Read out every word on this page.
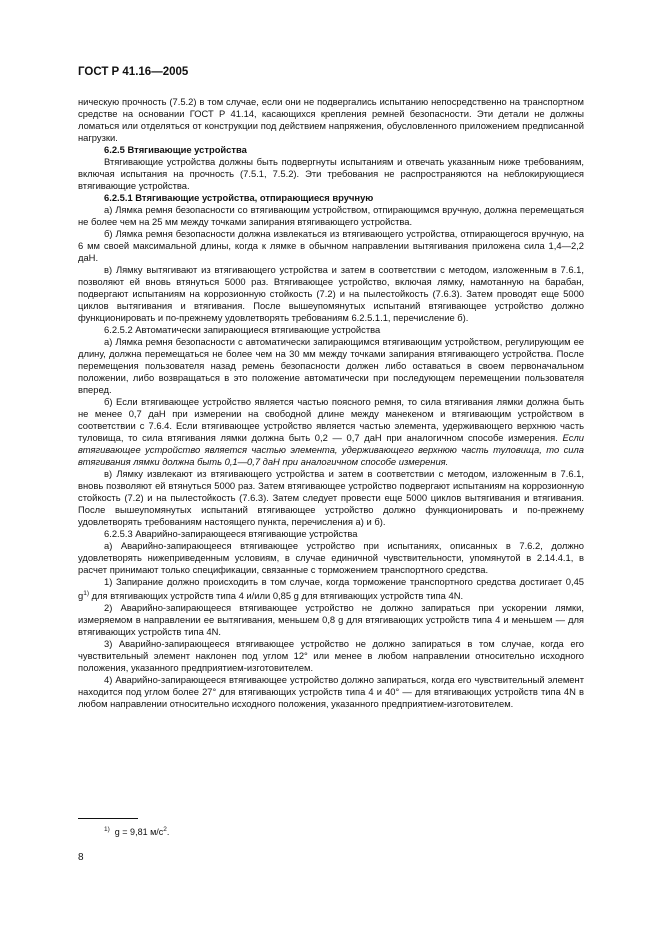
ГОСТ Р 41.16—2005

ническую прочность (7.5.2) в том случае, если они не подвергались испытанию непосредственно на транспортном средстве на основании ГОСТ Р 41.14, касающихся крепления ремней безопасности. Эти детали не должны ломаться или отделяться от конструкции под действием напряжения, обусловленного приложением предписанной нагрузки.

6.2.5 Втягивающие устройства

Втягивающие устройства должны быть подвергнуты испытаниям и отвечать указанным ниже требованиям, включая испытания на прочность (7.5.1, 7.5.2). Эти требования не распространяются на неблокирующиеся втягивающие устройства.

6.2.5.1 Втягивающие устройства, отпирающиеся вручную

а) Лямка ремня безопасности со втягивающим устройством, отпирающимся вручную, должна перемещаться не более чем на 25 мм между точками запирания втягивающего устройства.

б) Лямка ремня безопасности должна извлекаться из втягивающего устройства, отпирающегося вручную, на 6 мм своей максимальной длины, когда к лямке в обычном направлении вытягивания приложена сила 1,4—2,2 даН.

в) Лямку вытягивают из втягивающего устройства и затем в соответствии с методом, изложенным в 7.6.1, позволяют ей вновь втянуться 5000 раз. Втягивающее устройство, включая лямку, намотанную на барабан, подвергают испытаниям на коррозионную стойкость (7.2) и на пылестойкость (7.6.3). Затем проводят еще 5000 циклов вытягивания и втягивания. После вышеупомянутых испытаний втягивающее устройство должно функционировать и по-прежнему удовлетворять требованиям 6.2.5.1.1, перечисление б).

6.2.5.2 Автоматически запирающиеся втягивающие устройства

а) Лямка ремня безопасности с автоматически запирающимся втягивающим устройством, регулирующим ее длину, должна перемещаться не более чем на 30 мм между точками запирания втягивающего устройства. После перемещения пользователя назад ремень безопасности должен либо оставаться в своем первоначальном положении, либо возвращаться в это положение автоматически при последующем перемещении пользователя вперед.

б) Если втягивающее устройство является частью поясного ремня, то сила втягивания лямки должна быть не менее 0,7 даН при измерении на свободной длине между манекеном и втягивающим устройством в соответствии с 7.6.4. Если втягивающее устройство является частью элемента, удерживающего верхнюю часть туловища, то сила втягивания лямки должна быть 0,2 — 0,7 даН при аналогичном способе измерения. Если втягивающее устройство является частью элемента, удерживающего верхнюю часть туловища, то сила втягивания лямки должна быть 0,1—0,7 даН при аналогичном способе измерения.

в) Лямку извлекают из втягивающего устройства и затем в соответствии с методом, изложенным в 7.6.1, вновь позволяют ей втянуться 5000 раз. Затем втягивающее устройство подвергают испытаниям на коррозионную стойкость (7.2) и на пылестойкость (7.6.3). Затем следует провести еще 5000 циклов вытягивания и втягивания. После вышеупомянутых испытаний втягивающее устройство должно функционировать и по-прежнему удовлетворять требованиям настоящего пункта, перечисления а) и б).

6.2.5.3 Аварийно-запирающееся втягивающие устройства

а) Аварийно-запирающееся втягивающее устройство при испытаниях, описанных в 7.6.2, должно удовлетворять нижеприведенным условиям, в случае единичной чувствительности, упомянутой в 2.14.4.1, в расчет принимают только спецификации, связанные с торможением транспортного средства.

1) Запирание должно происходить в том случае, когда торможение транспортного средства достигает 0,45 $g^{1)}$ для втягивающих устройств типа 4 и/или 0,85 g для втягивающих устройств типа 4N.

2) Аварийно-запирающееся втягивающее устройство не должно запираться при ускорении лямки, измеряемом в направлении ее вытягивания, меньшем 0,8 g для втягивающих устройств типа 4 и меньшем — для втягивающих устройств типа 4N.

3) Аварийно-запирающееся втягивающее устройство не должно запираться в том случае, когда его чувствительный элемент наклонен под углом 12° или менее в любом направлении относительно исходного положения, указанного предприятием-изготовителем.

4) Аварийно-запирающееся втягивающее устройство должно запираться, когда его чувствительный элемент находится под углом более 27° для втягивающих устройств типа 4 и 40° — для втягивающих устройств типа 4N в любом направлении относительно исходного положения, указанного предприятием-изготовителем.

$^{1)}$ g = 9,81 $м/с^2$.
8
